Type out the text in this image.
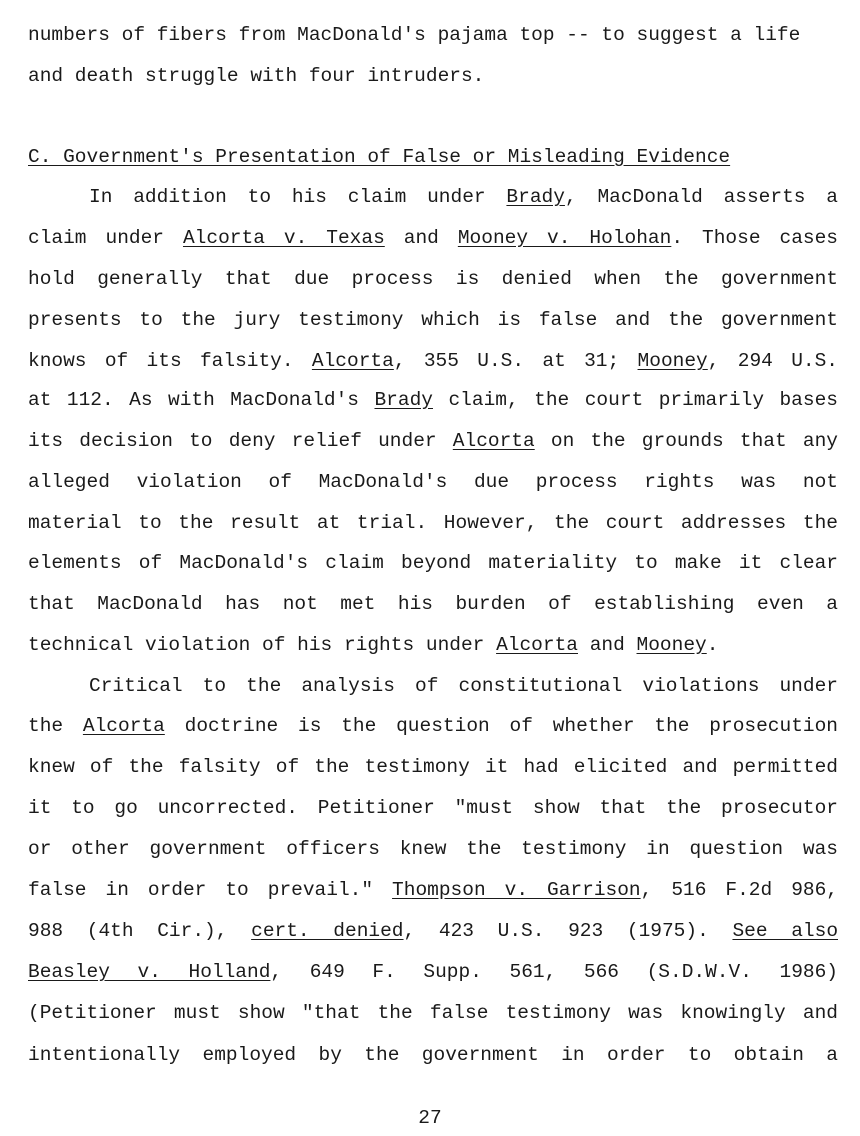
numbers of fibers from MacDonald's pajama top -- to suggest a life
and death struggle with four intruders.
C. Government's Presentation of False or Misleading Evidence
In addition to his claim under Brady, MacDonald asserts a
claim under Alcorta v. Texas and Mooney v. Holohan. Those cases
hold generally that due process is denied when the government
presents to the jury testimony which is false and the government
knows of its falsity. Alcorta, 355 U.S. at 31; Mooney, 294 U.S.
at 112. As with MacDonald's Brady claim, the court primarily bases
its decision to deny relief under Alcorta on the grounds that any
alleged violation of MacDonald's due process rights was not
material to the result at trial. However, the court addresses the
elements of MacDonald's claim beyond materiality to make it clear
that MacDonald has not met his burden of establishing even a
technical violation of his rights under Alcorta and Mooney.
Critical to the analysis of constitutional violations under
the Alcorta doctrine is the question of whether the prosecution
knew of the falsity of the testimony it had elicited and permitted
it to go uncorrected. Petitioner "must show that the prosecutor
or other government officers knew the testimony in question was
false in order to prevail." Thompson v. Garrison, 516 F.2d 986,
988 (4th Cir.), cert. denied, 423 U.S. 923 (1975). See also
Beasley v. Holland, 649 F. Supp. 561, 566 (S.D.W.V. 1986)
(Petitioner must show "that the false testimony was knowingly and
intentionally employed by the government in order to obtain a
27
